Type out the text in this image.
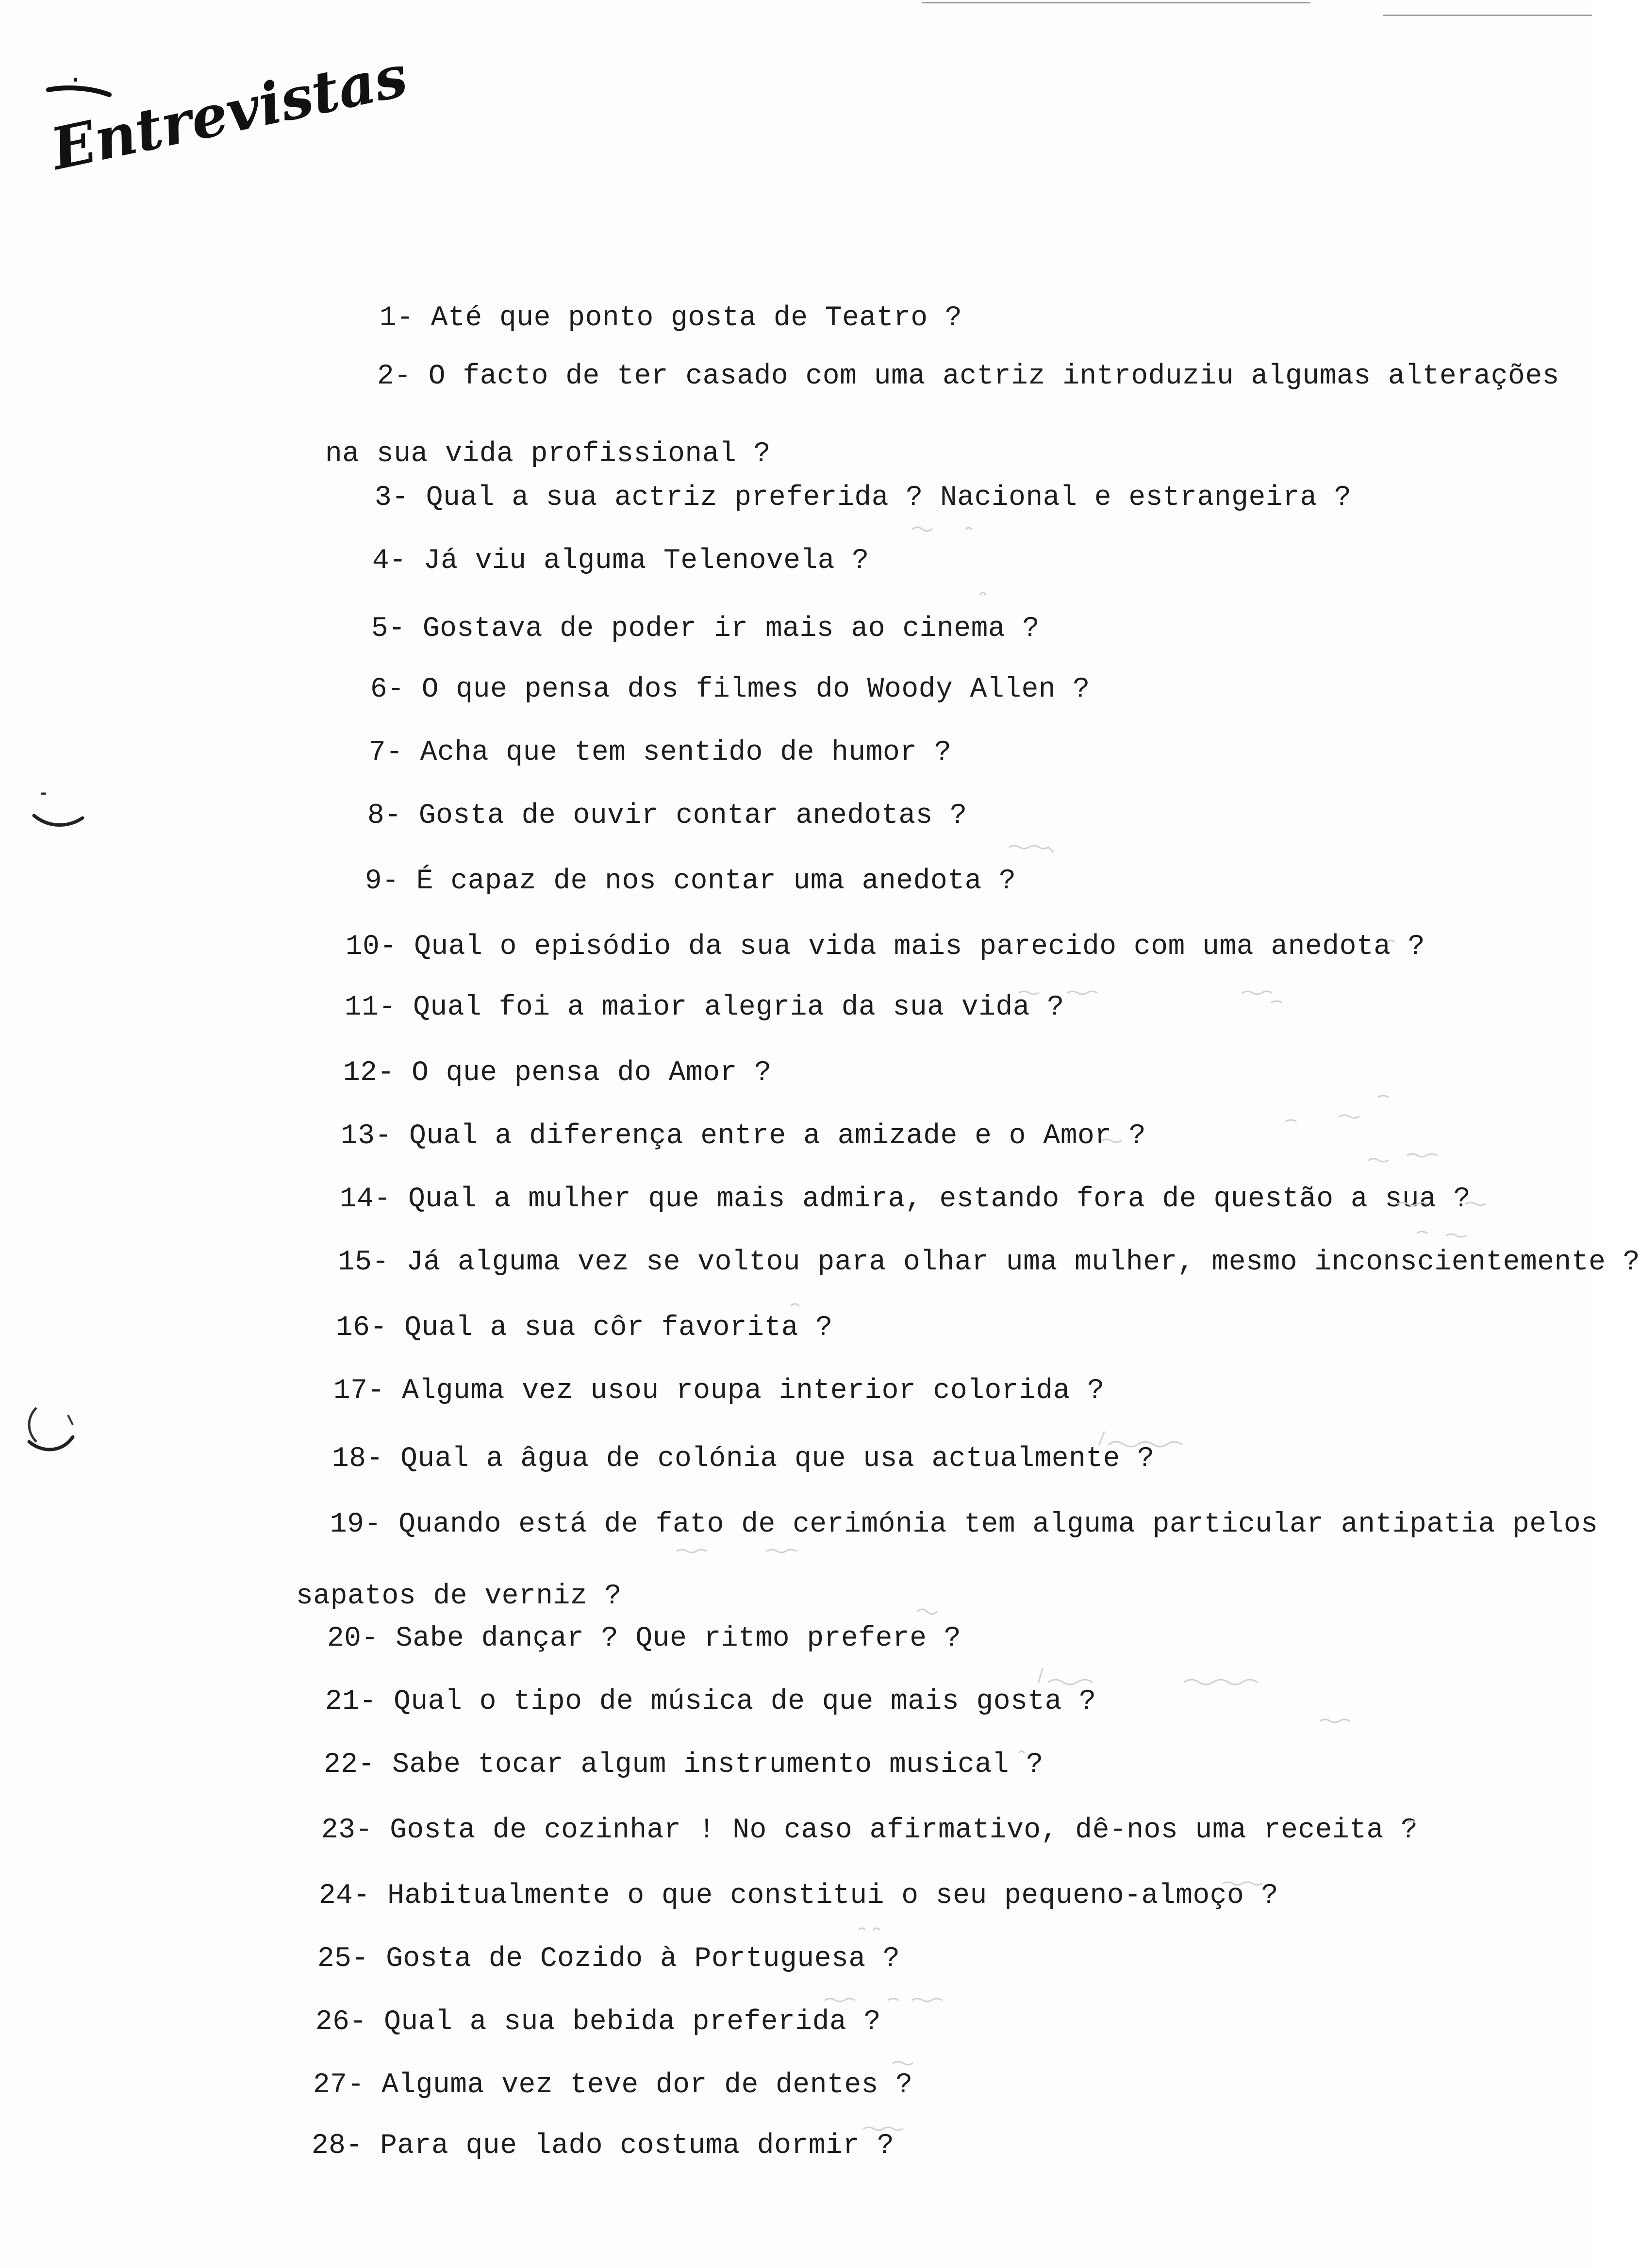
Entrevistas

1- Até que ponto gosta de Teatro ?

2- O facto de ter casado com uma actriz introduziu algumas alterações

na sua vida profissional ?

3- Qual a sua actriz preferida ? Nacional e estrangeira ?

4- Já viu alguma Telenovela ?

5- Gostava de poder ir mais ao cinema ?

6- O que pensa dos filmes do Woody Allen ?

7- Acha que tem sentido de humor ?

8- Gosta de ouvir contar anedotas ?

9- É capaz de nos contar uma anedota ?

10- Qual o episódio da sua vida mais parecido com uma anedota ?

11- Qual foi a maior alegria da sua vida ?

12- O que pensa do Amor ?

13- Qual a diferença entre a amizade e o Amor ?

14- Qual a mulher que mais admira, estando fora de questão a sua ?

15- Já alguma vez se voltou para olhar uma mulher, mesmo inconscientemente ?

16- Qual a sua côr favorita ?

17- Alguma vez usou roupa interior colorida ?

18- Qual a âgua de colónia que usa actualmente ?

19- Quando está de fato de cerimónia tem alguma particular antipatia pelos

sapatos de verniz ?

20- Sabe dançar ? Que ritmo prefere ?

21- Qual o tipo de música de que mais gosta ?

22- Sabe tocar algum instrumento musical ?

23- Gosta de cozinhar ! No caso afirmativo, dê-nos uma receita ?

24- Habitualmente o que constitui o seu pequeno-almoço ?

25- Gosta de Cozido à Portuguesa ?

26- Qual a sua bebida preferida ?

27- Alguma vez teve dor de dentes ?

28- Para que lado costuma dormir ?
